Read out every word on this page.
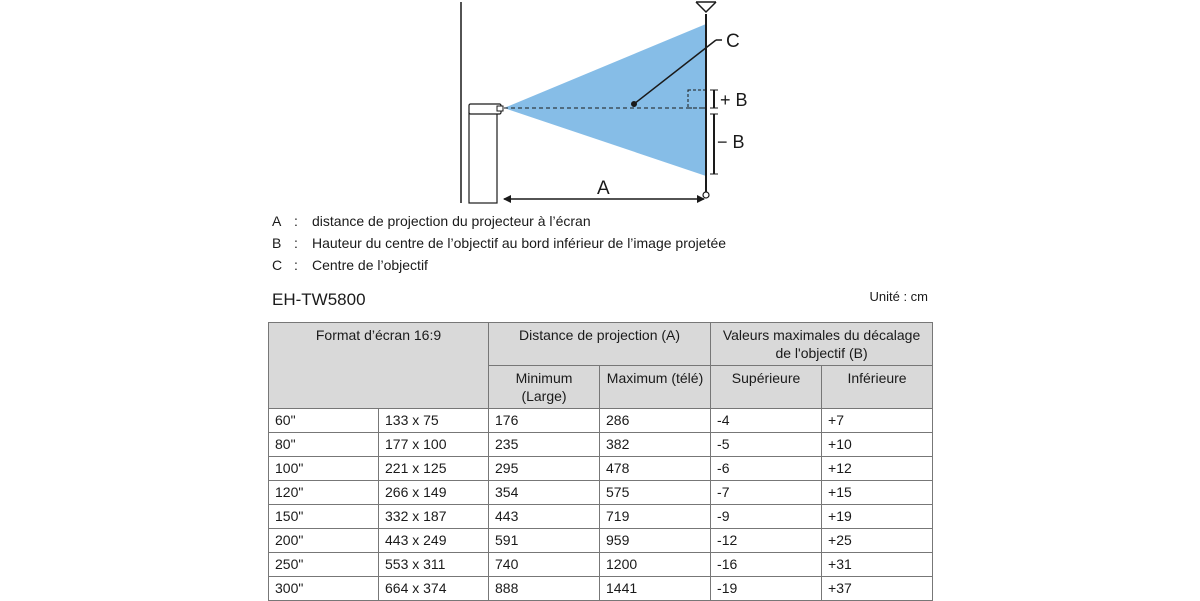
C
+ B
− B
A
A :	distance de projection du projecteur à l’écran
B :	Hauteur du centre de l’objectif au bord inférieur de l’image projetée
C :	Centre de l’objectif
EH-TW5800	Unité : cm
Format d’écran 16:9		Distance de projection (A)		Valeurs maximales du décalage de l'objectif (B)	
		Minimum (Large)	Maximum (télé)	Supérieure	Inférieure
60"	133 x 75	176	286	-4	+7
80"	177 x 100	235	382	-5	+10
100"	221 x 125	295	478	-6	+12
120"	266 x 149	354	575	-7	+15
150"	332 x 187	443	719	-9	+19
200"	443 x 249	591	959	-12	+25
250"	553 x 311	740	1200	-16	+31
300"	664 x 374	888	1441	-19	+37
